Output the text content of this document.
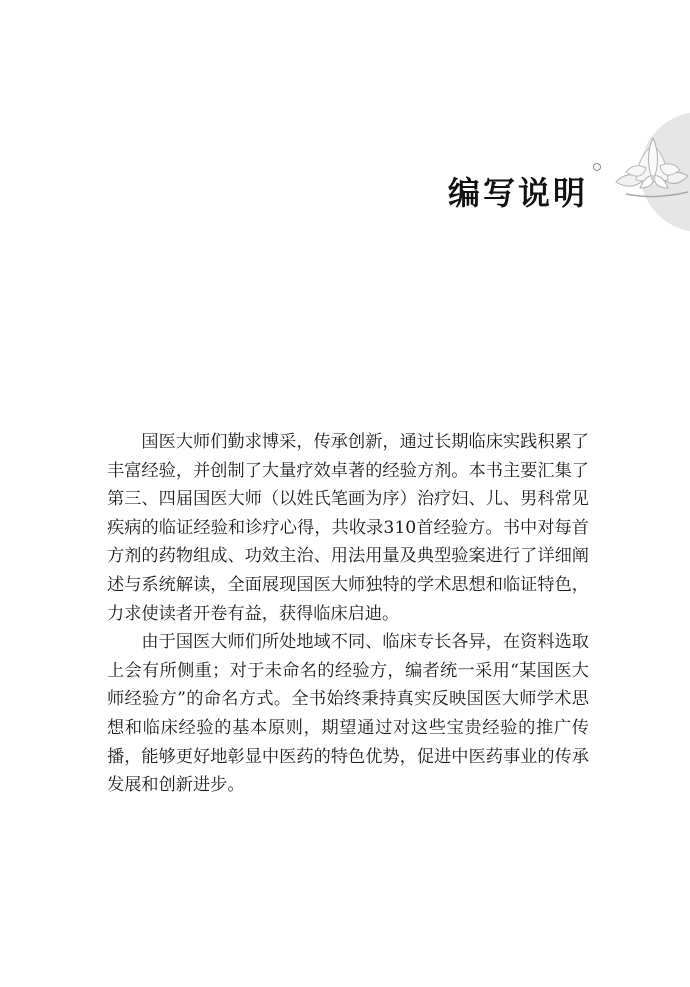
编写说明

国医大师们勤求博采，传承创新，通过长期临床实践积累了丰富经验，并创制了大量疗效卓著的经验方剂。本书主要汇集了第三、四届国医大师（以姓氏笔画为序）治疗妇、儿、男科常见疾病的临证经验和诊疗心得，共收录310首经验方。书中对每首方剂的药物组成、功效主治、用法用量及典型验案进行了详细阐述与系统解读，全面展现国医大师独特的学术思想和临证特色，力求使读者开卷有益，获得临床启迪。

由于国医大师们所处地域不同、临床专长各异，在资料选取上会有所侧重；对于未命名的经验方，编者统一采用“某国医大师经验方”的命名方式。全书始终秉持真实反映国医大师学术思想和临床经验的基本原则，期望通过对这些宝贵经验的推广传播，能够更好地彰显中医药的特色优势，促进中医药事业的传承发展和创新进步。
